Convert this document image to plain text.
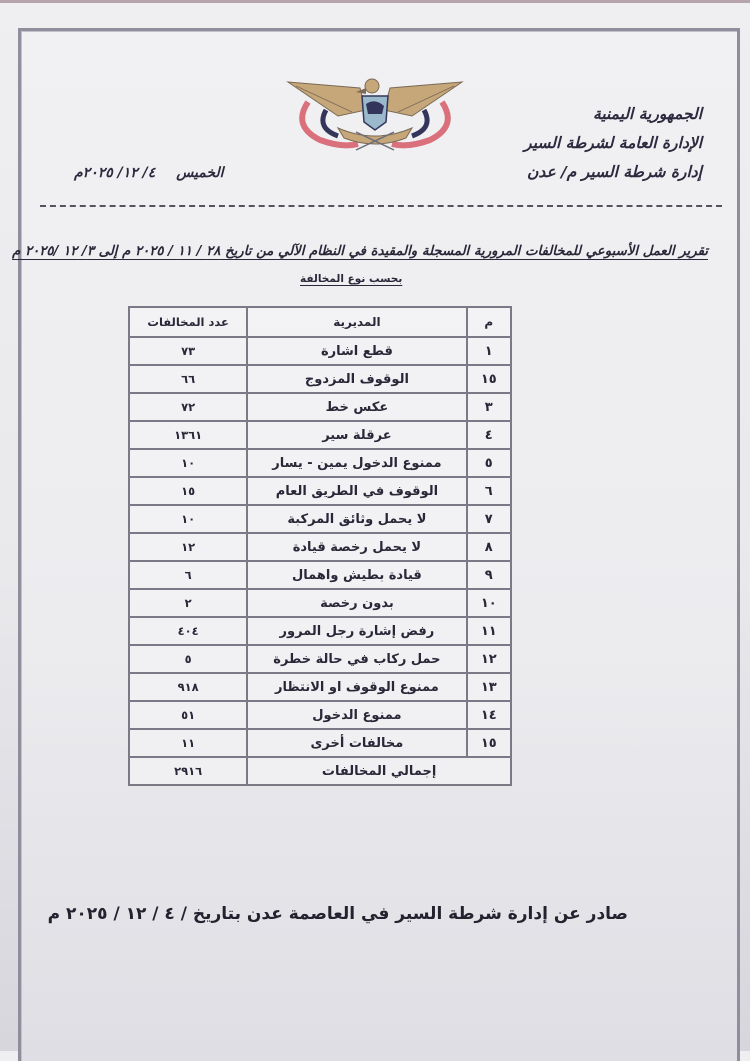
الجمهورية اليمنية
الإدارة العامة لشرطة السير
إدارة شرطة السير م/ عدن
الخميس ٤/ ١٢/ ٢٠٢٥م
تقرير العمل الأسبوعي للمخالفات المرورية المسجلة والمقيدة في النظام الآلي من تاريخ ٢٨ / ١١ / ٢٠٢٥ م إلى ٣/ ١٢ /٢٠٢٥ م
بحسب نوع المخالفة
م	المديرية	عدد المخالفات
١	قطع اشارة	٧٣
١٥	الوقوف المزدوج	٦٦
٣	عكس خط	٧٢
٤	عرقلة سير	١٣٦١
٥	ممنوع الدخول يمين - يسار	١٠
٦	الوقوف في الطريق العام	١٥
٧	لا يحمل وثائق المركبة	١٠
٨	لا يحمل رخصة قيادة	١٢
٩	قيادة بطيش واهمال	٦
١٠	بدون رخصة	٢
١١	رفض إشارة رجل المرور	٤٠٤
١٢	حمل ركاب في حالة خطرة	٥
١٣	ممنوع الوقوف او الانتظار	٩١٨
١٤	ممنوع الدخول	٥١
١٥	مخالفات أخرى	١١
إجمالي المخالفات		٢٩١٦
صادر عن إدارة شرطة السير في العاصمة عدن بتاريخ / ٤ / ١٢ / ٢٠٢٥ م
